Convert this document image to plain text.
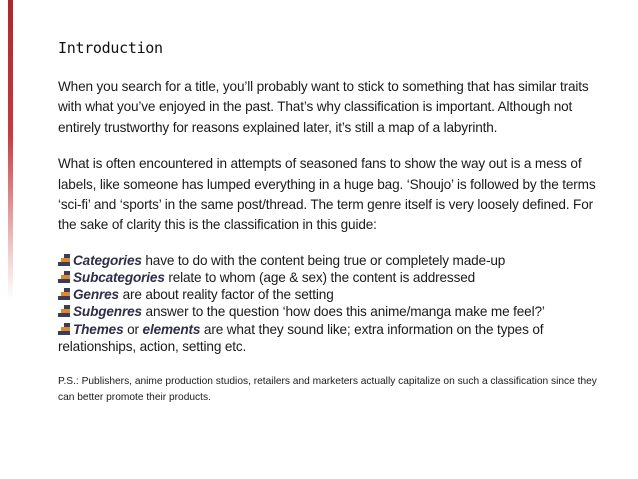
Introduction

When you search for a title, you’ll probably want to stick to something that has similar traits with what you’ve enjoyed in the past. That’s why classification is important. Although not entirely trustworthy for reasons explained later, it’s still a map of a labyrinth.

What is often encountered in attempts of seasoned fans to show the way out is a mess of labels, like someone has lumped everything in a huge bag. ‘Shoujo’ is followed by the terms ‘sci-fi’ and ‘sports’ in the same post/thread. The term genre itself is very loosely defined. For the sake of clarity this is the classification in this guide:

Categories have to do with the content being true or completely made-up
Subcategories relate to whom (age & sex) the content is addressed
Genres are about reality factor of the setting
Subgenres answer to the question ‘how does this anime/manga make me feel?’
Themes or elements are what they sound like; extra information on the types of relationships, action, setting etc.
P.S.: Publishers, anime production studios, retailers and marketers actually capitalize on such a classification since they can better promote their products.
